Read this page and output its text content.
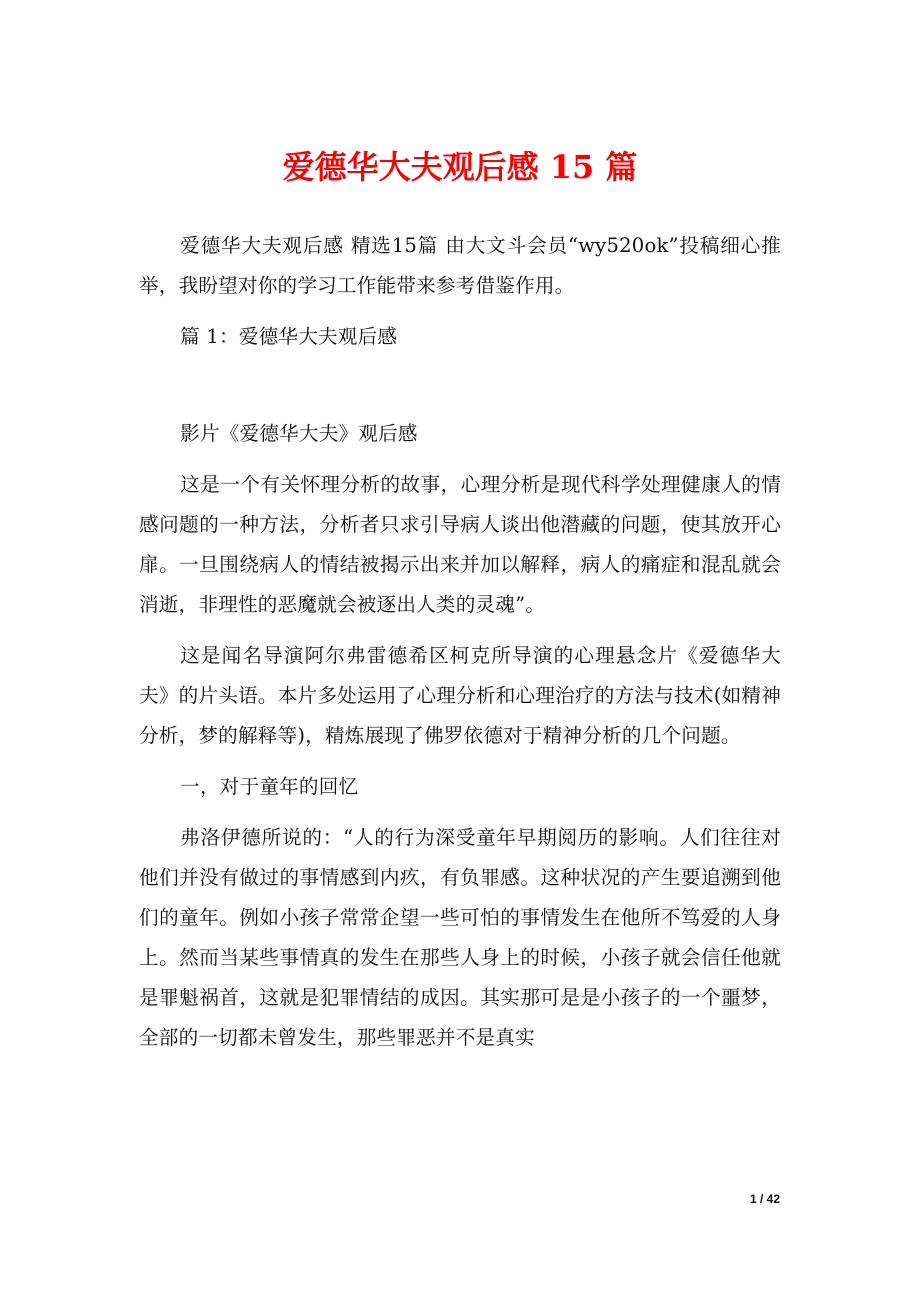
爱德华大夫观后感 15 篇

爱德华大夫观后感 精选15篇 由大文斗会员“wy520ok”投稿细心推举，我盼望对你的学习工作能带来参考借鉴作用。

篇 1：爱德华大夫观后感

影片《爱德华大夫》观后感

这是一个有关怀理分析的故事，心理分析是现代科学处理健康人的情感问题的一种方法，分析者只求引导病人谈出他潜藏的问题，使其放开心扉。一旦围绕病人的情结被揭示出来并加以解释，病人的痛症和混乱就会消逝，非理性的恶魔就会被逐出人类的灵魂”。

这是闻名导演阿尔弗雷德希区柯克所导演的心理悬念片《爱德华大夫》的片头语。本片多处运用了心理分析和心理治疗的方法与技术(如精神分析，梦的解释等)，精炼展现了佛罗依德对于精神分析的几个问题。

一，对于童年的回忆

弗洛伊德所说的：“人的行为深受童年早期阅历的影响。人们往往对他们并没有做过的事情感到内疚，有负罪感。这种状况的产生要追溯到他们的童年。例如小孩子常常企望一些可怕的事情发生在他所不笃爱的人身上。然而当某些事情真的发生在那些人身上的时候，小孩子就会信任他就是罪魁祸首，这就是犯罪情结的成因。其实那可是是小孩子的一个噩梦，全部的一切都未曾发生，那些罪恶并不是真实

1 / 42
